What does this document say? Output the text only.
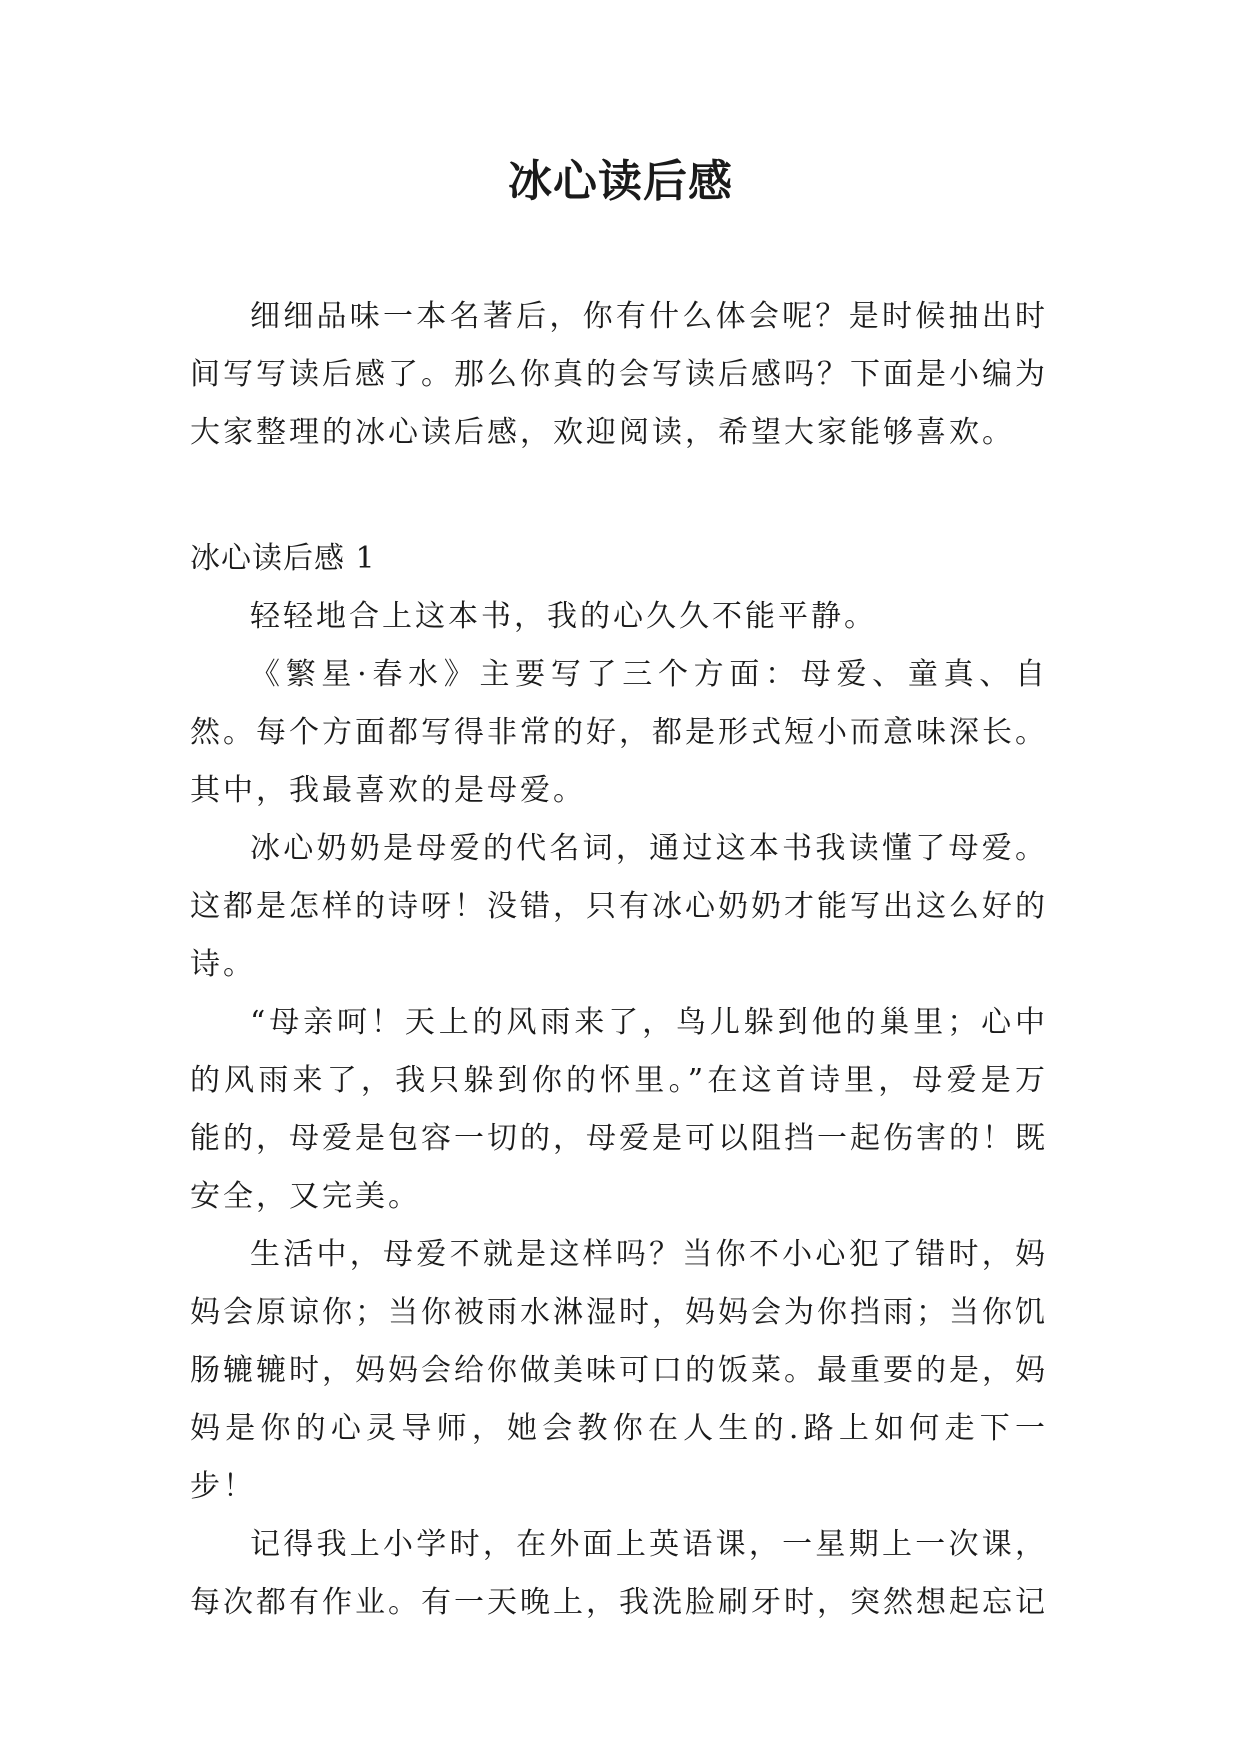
冰心读后感

细细品味一本名著后，你有什么体会呢？是时候抽出时间写写读后感了。那么你真的会写读后感吗？下面是小编为大家整理的冰心读后感，欢迎阅读，希望大家能够喜欢。

冰心读后感 1

轻轻地合上这本书，我的心久久不能平静。

《繁星·春水》主要写了三个方面：母爱、童真、自然。每个方面都写得非常的好，都是形式短小而意味深长。其中，我最喜欢的是母爱。

冰心奶奶是母爱的代名词，通过这本书我读懂了母爱。这都是怎样的诗呀！没错，只有冰心奶奶才能写出这么好的诗。

“母亲呵！天上的风雨来了，鸟儿躲到他的巢里；心中的风雨来了，我只躲到你的怀里。”在这首诗里，母爱是万能的，母爱是包容一切的，母爱是可以阻挡一起伤害的！既安全，又完美。

生活中，母爱不就是这样吗？当你不小心犯了错时，妈妈会原谅你；当你被雨水淋湿时，妈妈会为你挡雨；当你饥肠辘辘时，妈妈会给你做美味可口的饭菜。最重要的是，妈妈是你的心灵导师，她会教你在人生的.路上如何走下一步！

记得我上小学时，在外面上英语课，一星期上一次课，每次都有作业。有一天晚上，我洗脸刷牙时，突然想起忘记
